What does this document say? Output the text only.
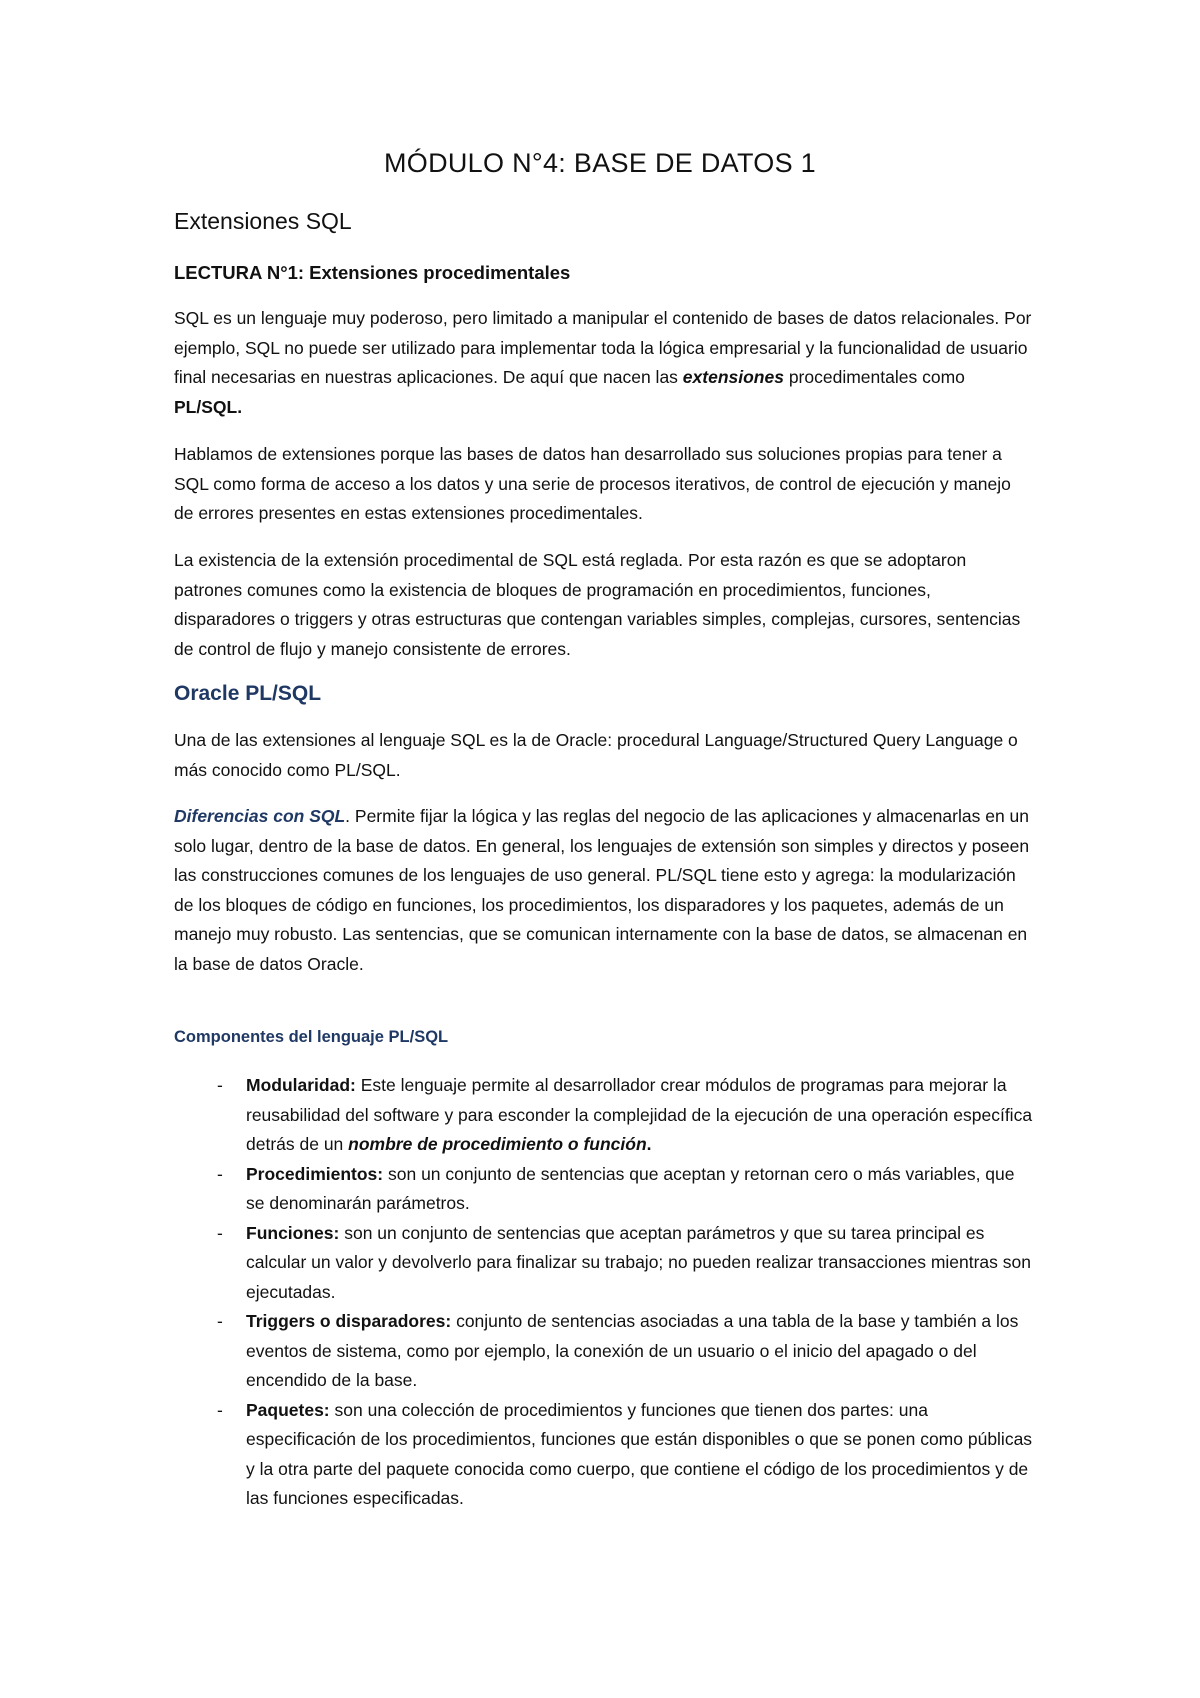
MÓDULO N°4: BASE DE DATOS 1
Extensiones SQL
LECTURA N°1: Extensiones procedimentales

SQL es un lenguaje muy poderoso, pero limitado a manipular el contenido de bases de datos relacionales. Por ejemplo, SQL no puede ser utilizado para implementar toda la lógica empresarial y la funcionalidad de usuario final necesarias en nuestras aplicaciones. De aquí que nacen las extensiones procedimentales como PL/SQL.

Hablamos de extensiones porque las bases de datos han desarrollado sus soluciones propias para tener a SQL como forma de acceso a los datos y una serie de procesos iterativos, de control de ejecución y manejo de errores presentes en estas extensiones procedimentales.
La existencia de la extensión procedimental de SQL está reglada. Por esta razón es que se adoptaron patrones comunes como la existencia de bloques de programación en procedimientos, funciones, disparadores o triggers y otras estructuras que contengan variables simples, complejas, cursores, sentencias de control de flujo y manejo consistente de errores.
Oracle PL/SQL
Una de las extensiones al lenguaje SQL es la de Oracle: procedural Language/Structured Query Language o más conocido como PL/SQL.

Diferencias con SQL. Permite fijar la lógica y las reglas del negocio de las aplicaciones y almacenarlas en un solo lugar, dentro de la base de datos. En general, los lenguajes de extensión son simples y directos y poseen las construcciones comunes de los lenguajes de uso general. PL/SQL tiene esto y agrega: la modularización de los bloques de código en funciones, los procedimientos, los disparadores y los paquetes, además de un manejo muy robusto. Las sentencias, que se comunican internamente con la base de datos, se almacenan en la base de datos Oracle.

Componentes del lenguaje PL/SQL
- Modularidad: Este lenguaje permite al desarrollador crear módulos de programas para mejorar la reusabilidad del software y para esconder la complejidad de la ejecución de una operación específica detrás de un nombre de procedimiento o función.
- Procedimientos: son un conjunto de sentencias que aceptan y retornan cero o más variables, que se denominarán parámetros.
- Funciones: son un conjunto de sentencias que aceptan parámetros y que su tarea principal es calcular un valor y devolverlo para finalizar su trabajo; no pueden realizar transacciones mientras son ejecutadas.
- Triggers o disparadores: conjunto de sentencias asociadas a una tabla de la base y también a los eventos de sistema, como por ejemplo, la conexión de un usuario o el inicio del apagado o del encendido de la base.
- Paquetes: son una colección de procedimientos y funciones que tienen dos partes: una especificación de los procedimientos, funciones que están disponibles o que se ponen como públicas y la otra parte del paquete conocida como cuerpo, que contiene el código de los procedimientos y de las funciones especificadas.
